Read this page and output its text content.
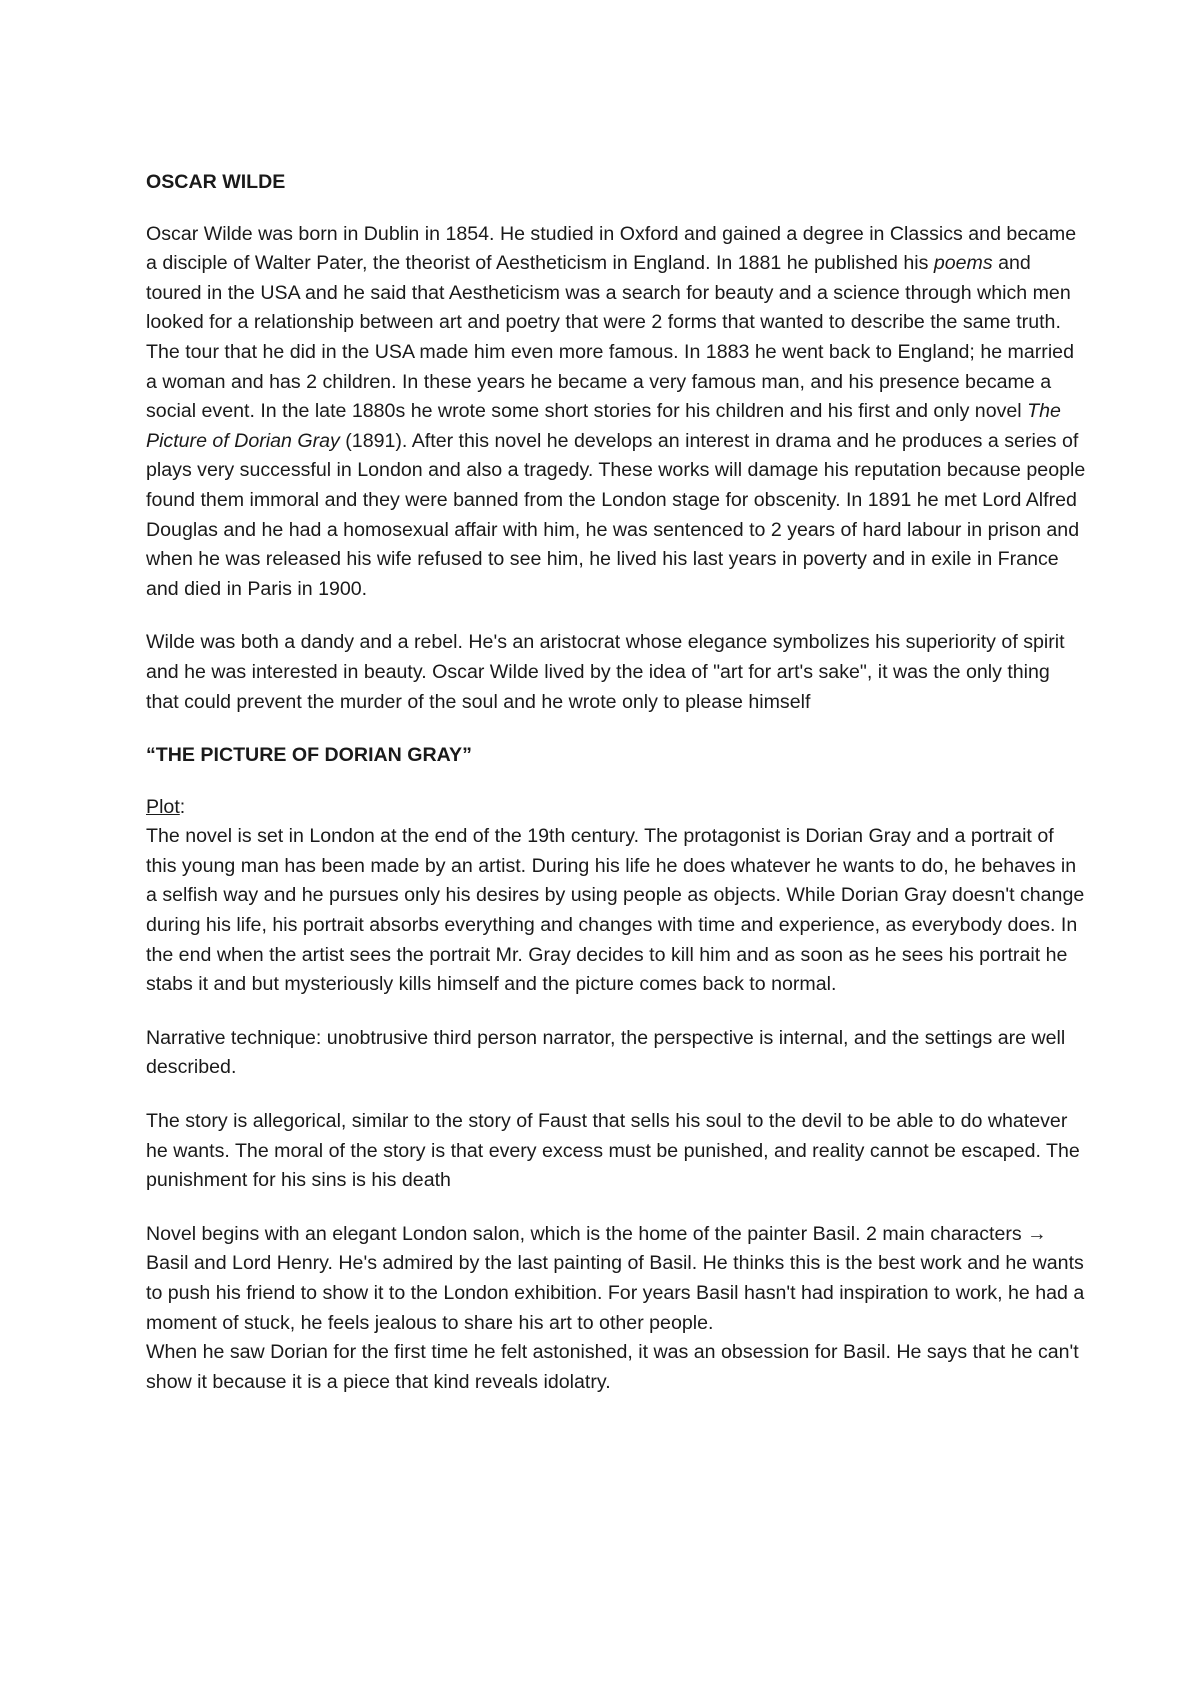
OSCAR WILDE

Oscar Wilde was born in Dublin in 1854. He studied in Oxford and gained a degree in Classics and became a disciple of Walter Pater, the theorist of Aestheticism in England. In 1881 he published his poems and toured in the USA and he said that Aestheticism was a search for beauty and a science through which men looked for a relationship between art and poetry that were 2 forms that wanted to describe the same truth. The tour that he did in the USA made him even more famous. In 1883 he went back to England; he married a woman and has 2 children. In these years he became a very famous man, and his presence became a social event. In the late 1880s he wrote some short stories for his children and his first and only novel The Picture of Dorian Gray (1891). After this novel he develops an interest in drama and he produces a series of plays very successful in London and also a tragedy. These works will damage his reputation because people found them immoral and they were banned from the London stage for obscenity. In 1891 he met Lord Alfred Douglas and he had a homosexual affair with him, he was sentenced to 2 years of hard labour in prison and when he was released his wife refused to see him, he lived his last years in poverty and in exile in France and died in Paris in 1900.

Wilde was both a dandy and a rebel. He's an aristocrat whose elegance symbolizes his superiority of spirit and he was interested in beauty. Oscar Wilde lived by the idea of "art for art's sake", it was the only thing that could prevent the murder of the soul and he wrote only to please himself

“THE PICTURE OF DORIAN GRAY”
Plot:

The novel is set in London at the end of the 19th century. The protagonist is Dorian Gray and a portrait of this young man has been made by an artist. During his life he does whatever he wants to do, he behaves in a selfish way and he pursues only his desires by using people as objects. While Dorian Gray doesn't change during his life, his portrait absorbs everything and changes with time and experience, as everybody does. In the end when the artist sees the portrait Mr. Gray decides to kill him and as soon as he sees his portrait he stabs it and but mysteriously kills himself and the picture comes back to normal.

Narrative technique: unobtrusive third person narrator, the perspective is internal, and the settings are well described.

The story is allegorical, similar to the story of Faust that sells his soul to the devil to be able to do whatever he wants. The moral of the story is that every excess must be punished, and reality cannot be escaped. The punishment for his sins is his death

Novel begins with an elegant London salon, which is the home of the painter Basil. 2 main characters → Basil and Lord Henry. He's admired by the last painting of Basil. He thinks this is the best work and he wants to push his friend to show it to the London exhibition. For years Basil hasn't had inspiration to work, he had a moment of stuck, he feels jealous to share his art to other people.

When he saw Dorian for the first time he felt astonished, it was an obsession for Basil. He says that he can't show it because it is a piece that kind reveals idolatry.
